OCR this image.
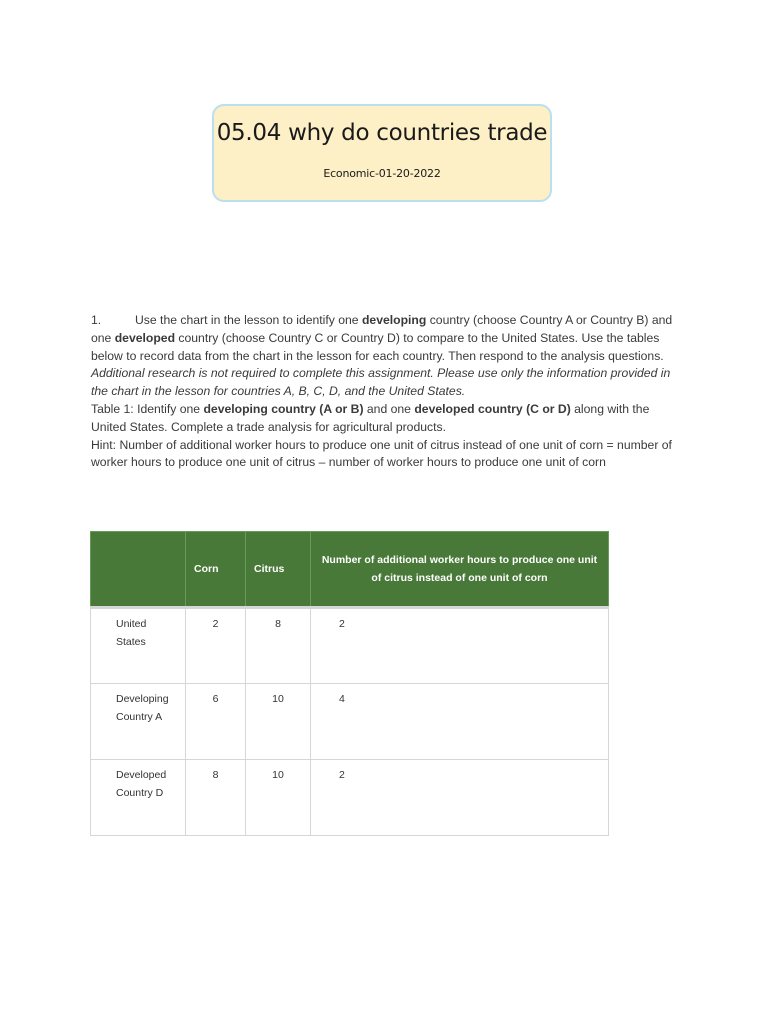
05.04 why do countries trade
Economic-01-20-2022

1.	Use the chart in the lesson to identify one developing country (choose Country A or Country B) and one developed country (choose Country C or Country D) to compare to the United States. Use the tables below to record data from the chart in the lesson for each country. Then respond to the analysis questions.

Additional research is not required to complete this assignment. Please use only the information provided in the chart in the lesson for countries A, B, C, D, and the United States.

Table 1: Identify one developing country (A or B) and one developed country (C or D) along with the United States. Complete a trade analysis for agricultural products.

Hint: Number of additional worker hours to produce one unit of citrus instead of one unit of corn = number of worker hours to produce one unit of citrus – number of worker hours to produce one unit of corn

	Corn	Citrus	Number of additional worker hours to produce one unit of citrus instead of one unit of corn
United States	2	8	2
Developing Country A	6	10	4
Developed Country D	8	10	2
